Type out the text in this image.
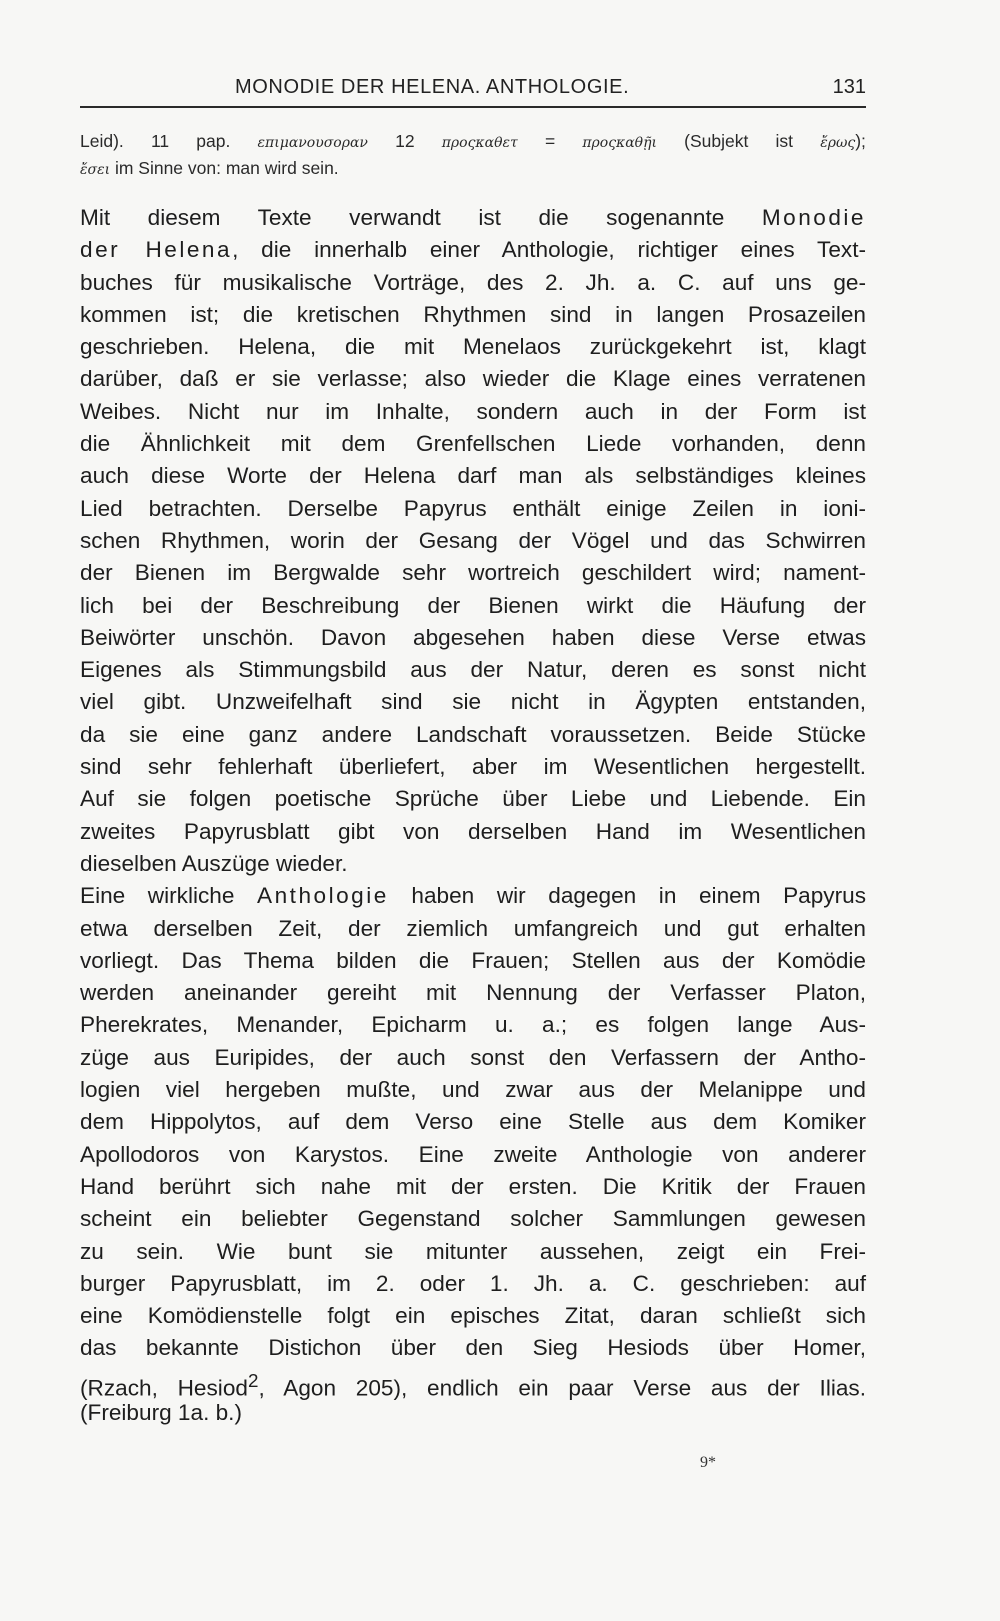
MONODIE DER HELENA. ANTHOLOGIE.	131
Leid). 11 pap. επιμανουσοραν 12 προςκαθετ = προςκαθῇι (Subjekt ist ἔρως);
ἔσει im Sinne von: man wird sein.
Mit diesem Texte verwandt ist die sogenannte Monodie
der Helena, die innerhalb einer Anthologie, richtiger eines Text-
buches für musikalische Vorträge, des 2. Jh. a. C. auf uns ge-
kommen ist; die kretischen Rhythmen sind in langen Prosazeilen
geschrieben. Helena, die mit Menelaos zurückgekehrt ist, klagt
darüber, daß er sie verlasse; also wieder die Klage eines verratenen
Weibes. Nicht nur im Inhalte, sondern auch in der Form ist
die Ähnlichkeit mit dem Grenfellschen Liede vorhanden, denn
auch diese Worte der Helena darf man als selbständiges kleines
Lied betrachten. Derselbe Papyrus enthält einige Zeilen in ioni-
schen Rhythmen, worin der Gesang der Vögel und das Schwirren
der Bienen im Bergwalde sehr wortreich geschildert wird; nament-
lich bei der Beschreibung der Bienen wirkt die Häufung der
Beiwörter unschön. Davon abgesehen haben diese Verse etwas
Eigenes als Stimmungsbild aus der Natur, deren es sonst nicht
viel gibt. Unzweifelhaft sind sie nicht in Ägypten entstanden,
da sie eine ganz andere Landschaft voraussetzen. Beide Stücke
sind sehr fehlerhaft überliefert, aber im Wesentlichen hergestellt.
Auf sie folgen poetische Sprüche über Liebe und Liebende. Ein
zweites Papyrusblatt gibt von derselben Hand im Wesentlichen
dieselben Auszüge wieder.
Eine wirkliche Anthologie haben wir dagegen in einem Papyrus
etwa derselben Zeit, der ziemlich umfangreich und gut erhalten
vorliegt. Das Thema bilden die Frauen; Stellen aus der Komödie
werden aneinander gereiht mit Nennung der Verfasser Platon,
Pherekrates, Menander, Epicharm u. a.; es folgen lange Aus-
züge aus Euripides, der auch sonst den Verfassern der Antho-
logien viel hergeben mußte, und zwar aus der Melanippe und
dem Hippolytos, auf dem Verso eine Stelle aus dem Komiker
Apollodoros von Karystos. Eine zweite Anthologie von anderer
Hand berührt sich nahe mit der ersten. Die Kritik der Frauen
scheint ein beliebter Gegenstand solcher Sammlungen gewesen
zu sein. Wie bunt sie mitunter aussehen, zeigt ein Frei-
burger Papyrusblatt, im 2. oder 1. Jh. a. C. geschrieben: auf
eine Komödienstelle folgt ein episches Zitat, daran schließt sich
das bekannte Distichon über den Sieg Hesiods über Homer,
(Rzach, Hesiod$^2$, Agon 205), endlich ein paar Verse aus der Ilias.
(Freiburg 1a. b.)
9*
